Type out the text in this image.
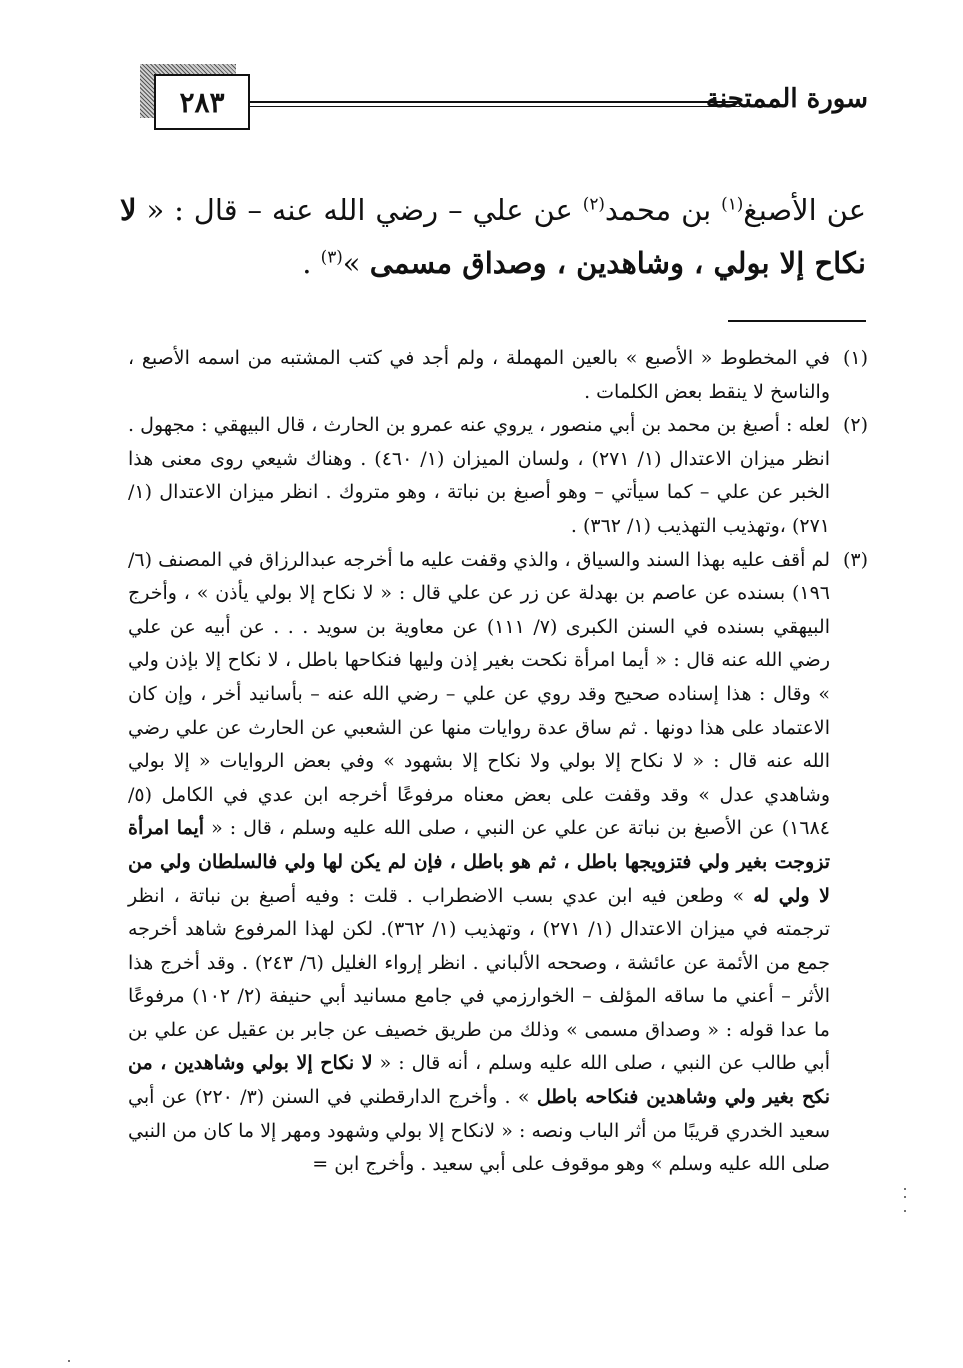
٢٨٣	سورة الممتحنة
عن الأصبغ$^{(١)}$ بن محمد$^{(٢)}$ عن علي – رضي الله عنه – قال : « لا نكاح إلا بولي ، وشاهدين ، وصداق مسمى »$^{(٣)}$ .

(١)
في المخطوط « الأصبع » بالعين المهملة ، ولم أجد في كتب المشتبه من اسمه الأصبع ، والناسخ لا ينقط بعض الكلمات .

(٢)
لعله : أصبغ بن محمد بن أبي منصور ، يروي عنه عمرو بن الحارث ، قال البيهقي : مجهول . انظر ميزان الاعتدال (١/ ٢٧١) ، ولسان الميزان (١/ ٤٦٠) . وهناك شيعي روى معنى هذا الخبر عن علي – كما سيأتي – وهو أصبغ بن نباتة ، وهو متروك . انظر ميزان الاعتدال (١/ ٢٧١) ،وتهذيب التهذيب (١/ ٣٦٢) .

(٣)
لم أقف عليه بهذا السند والسياق ، والذي وقفت عليه ما أخرجه عبدالرزاق في المصنف (٦/ ١٩٦) بسنده عن عاصم بن بهدلة عن زر عن علي قال : « لا نكاح إلا بولي يأذن » ، وأخرج البيهقي بسنده في السنن الكبرى (٧/ ١١١) عن معاوية بن سويد . . . عن أبيه عن علي رضي الله عنه قال : « أيما امرأة نكحت بغير إذن وليها فنكاحها باطل ، لا نكاح إلا بإذن ولي » وقال : هذا إسناده صحيح وقد روي عن علي – رضي الله عنه – بأسانيد أخر ، وإن كان الاعتماد على هذا دونها . ثم ساق عدة روايات منها عن الشعبي عن الحارث عن علي رضي الله عنه قال : « لا نكاح إلا بولي ولا نكاح إلا بشهود » وفي بعض الروايات « إلا بولي وشاهدي عدل » وقد وقفت على بعض معناه مرفوعًا أخرجه ابن عدي في الكامل (٥/ ١٦٨٤) عن الأصبغ بن نباتة عن علي عن النبي ، صلى الله عليه وسلم ، قال : « أيما امرأة تزوجت بغير ولي فتزويجها باطل ، ثم هو باطل ، فإن لم يكن لها ولي فالسلطان ولي من لا ولي له » وطعن فيه ابن عدي بسب الاضطراب . قلت : وفيه أصبغ بن نباتة ، انظر ترجمته في ميزان الاعتدال (١/ ٢٧١) ، وتهذيب (١/ ٣٦٢). لكن لهذا المرفوع شاهد أخرجه جمع من الأئمة عن عائشة ، وصححه الألباني . انظر إرواء الغليل (٦/ ٢٤٣) . وقد أخرج هذا الأثر – أعني ما ساقه المؤلف – الخوارزمي في جامع مسانيد أبي حنيفة (٢/ ١٠٢) مرفوعًا ما عدا قوله : « وصداق مسمى » وذلك من طريق خصيف عن جابر بن عقيل عن علي بن أبي طالب عن النبي ، صلى الله عليه وسلم ، أنه قال : « لا نكاح إلا بولي وشاهدين ، من نكح بغير ولي وشاهدين فنكاحه باطل » . وأخرج الدارقطني في السنن (٣/ ٢٢٠) عن أبي سعيد الخدري قريبًا من أثر الباب ونصه : « لانكاح إلا بولي وشهود ومهر إلا ما كان من النبي صلى الله عليه وسلم » وهو موقوف على أبي سعيد . وأخرج ابن =
